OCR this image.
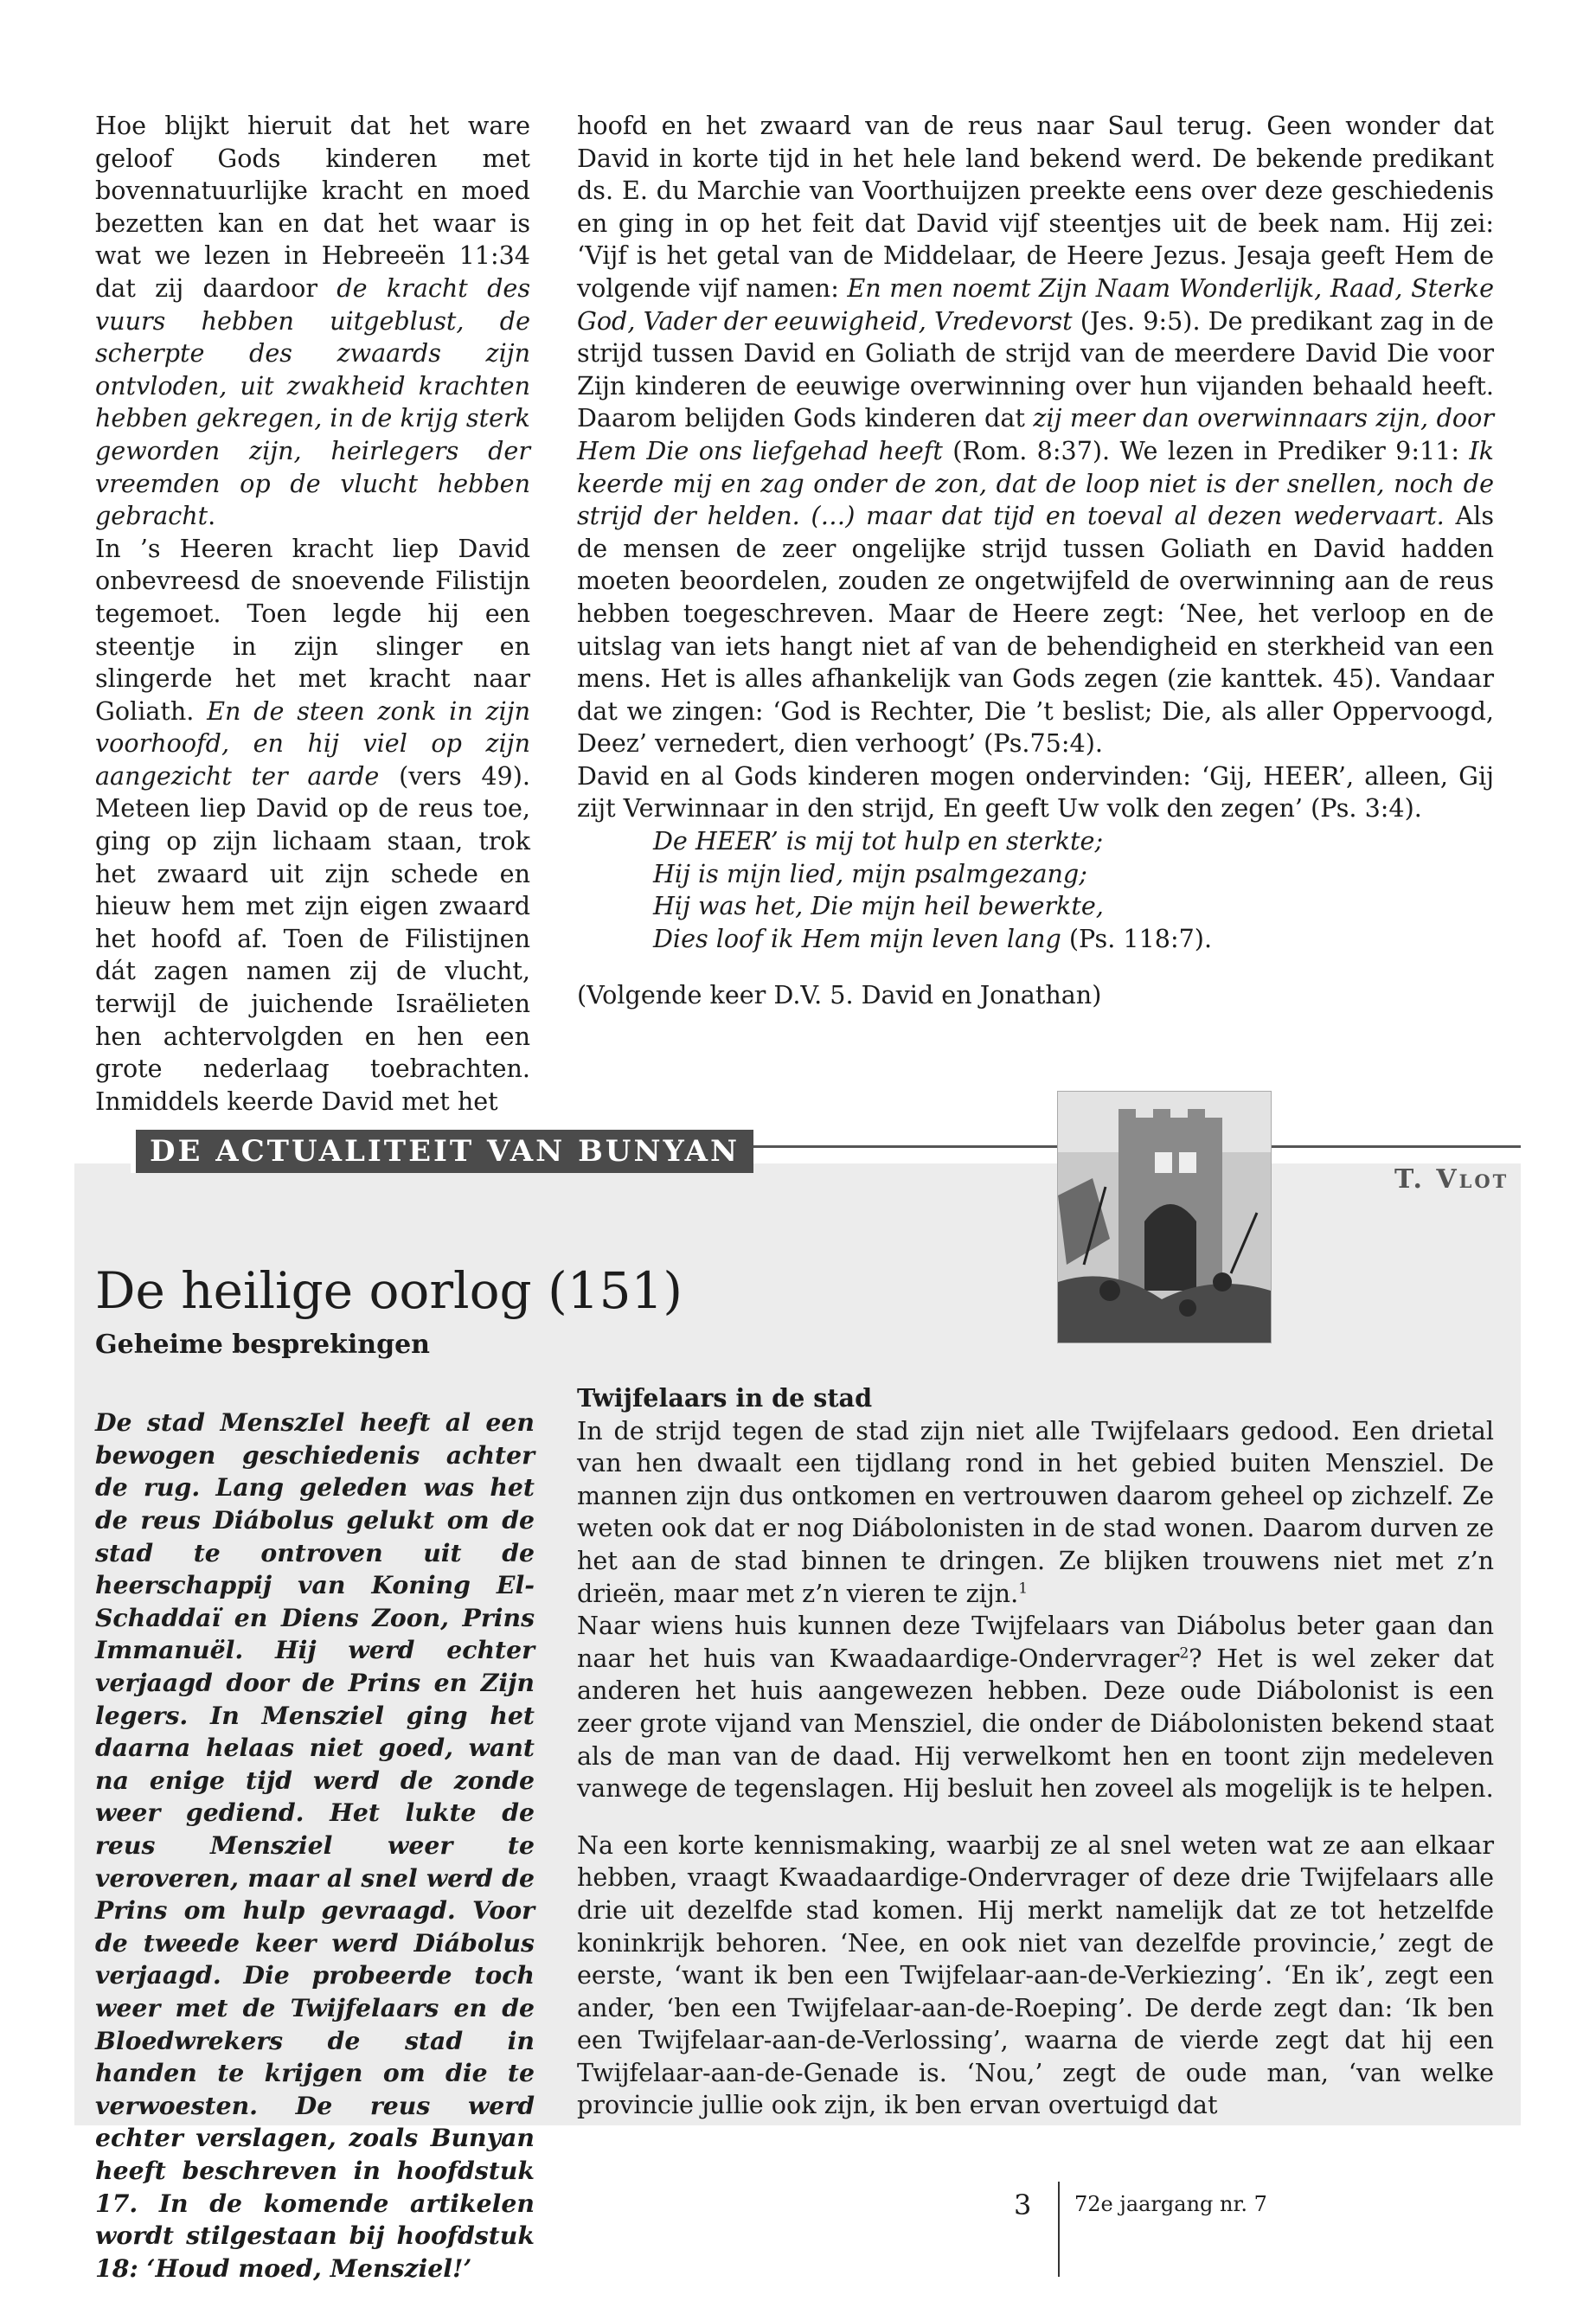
Hoe blijkt hieruit dat het ware geloof Gods kinderen met bovennatuurlijke kracht en moed bezetten kan en dat het waar is wat we lezen in Hebreeën 11:34 dat zij daardoor de kracht des vuurs hebben uitgeblust, de scherpte des zwaards zijn ontvloden, uit zwakheid krachten hebben gekregen, in de krijg sterk geworden zijn, heirlegers der vreemden op de vlucht hebben gebracht.

In ’s Heeren kracht liep David onbevreesd de snoevende Filistijn tegemoet. Toen legde hij een steentje in zijn slinger en slingerde het met kracht naar Goliath. En de steen zonk in zijn voorhoofd, en hij viel op zijn aangezicht ter aarde (vers 49). Meteen liep David op de reus toe, ging op zijn lichaam staan, trok het zwaard uit zijn schede en hieuw hem met zijn eigen zwaard het hoofd af. Toen de Filistijnen dát zagen namen zij de vlucht, terwijl de juichende Israëlieten hen achtervolgden en hen een grote nederlaag toebrachten. Inmiddels keerde David met het

hoofd en het zwaard van de reus naar Saul terug. Geen wonder dat David in korte tijd in het hele land bekend werd. De bekende predikant ds. E. du Marchie van Voorthuijzen preekte eens over deze geschiedenis en ging in op het feit dat David vijf steentjes uit de beek nam. Hij zei: ‘Vijf is het getal van de Middelaar, de Heere Jezus. Jesaja geeft Hem de volgende vijf namen: En men noemt Zijn Naam Wonderlijk, Raad, Sterke God, Vader der eeuwigheid, Vredevorst (Jes. 9:5). De predikant zag in de strijd tussen David en Goliath de strijd van de meerdere David Die voor Zijn kinderen de eeuwige overwinning over hun vijanden behaald heeft. Daarom belijden Gods kinderen dat zij meer dan overwinnaars zijn, door Hem Die ons liefgehad heeft (Rom. 8:37). We lezen in Prediker 9:11: Ik keerde mij en zag onder de zon, dat de loop niet is der snellen, noch de strijd der helden. (…) maar dat tijd en toeval al dezen wedervaart. Als de mensen de zeer ongelijke strijd tussen Goliath en David hadden moeten beoordelen, zouden ze ongetwijfeld de overwinning aan de reus hebben toegeschreven. Maar de Heere zegt: ‘Nee, het verloop en de uitslag van iets hangt niet af van de behendigheid en sterkheid van een mens. Het is alles afhankelijk van Gods zegen (zie kanttek. 45). Vandaar dat we zingen: ‘God is Rechter, Die ’t beslist; Die, als aller Oppervoogd, Deez’ vernedert, dien verhoogt’ (Ps.75:4).

David en al Gods kinderen mogen ondervinden: ‘Gij, HEER’, alleen, Gij zijt Verwinnaar in den strijd, En geeft Uw volk den zegen’ (Ps. 3:4).

De HEER’ is mij tot hulp en sterkte;
Hij is mijn lied, mijn psalmgezang;
Hij was het, Die mijn heil bewerkte,
Dies loof ik Hem mijn leven lang (Ps. 118:7).

(Volgende keer D.V. 5. David en Jonathan)

DE ACTUALITEIT VAN BUNYAN
T. Vlot
De heilige oorlog (151)
Geheime besprekingen

De stad MenszIel heeft al een bewogen geschiedenis achter de rug. Lang geleden was het de reus Diábolus gelukt om de stad te ontroven uit de heerschappij van Koning El-Schaddaï en Diens Zoon, Prins Immanuël. Hij werd echter verjaagd door de Prins en Zijn legers. In Mensziel ging het daarna helaas niet goed, want na enige tijd werd de zonde weer gediend. Het lukte de reus Mensziel weer te veroveren, maar al snel werd de Prins om hulp gevraagd. Voor de tweede keer werd Diábolus verjaagd. Die probeerde toch weer met de Twijfelaars en de Bloedwrekers de stad in handen te krijgen om die te verwoesten. De reus werd echter verslagen, zoals Bunyan heeft beschreven in hoofdstuk 17. In de komende artikelen wordt stilgestaan bij hoofdstuk 18: ‘Houd moed, Mensziel!’

Twijfelaars in de stad

In de strijd tegen de stad zijn niet alle Twijfelaars gedood. Een drietal van hen dwaalt een tijdlang rond in het gebied buiten Mensziel. De mannen zijn dus ontkomen en vertrouwen daarom geheel op zichzelf. Ze weten ook dat er nog Diábolonisten in de stad wonen. Daarom durven ze het aan de stad binnen te dringen. Ze blijken trouwens niet met z’n drieën, maar met z’n vieren te zijn.$^1$

Naar wiens huis kunnen deze Twijfelaars van Diábolus beter gaan dan naar het huis van Kwaadaardige-Ondervrager$^2$? Het is wel zeker dat anderen het huis aangewezen hebben. Deze oude Diábolonist is een zeer grote vijand van Mensziel, die onder de Diábolonisten bekend staat als de man van de daad. Hij verwelkomt hen en toont zijn medeleven vanwege de tegenslagen. Hij besluit hen zoveel als mogelijk is te helpen.

Na een korte kennismaking, waarbij ze al snel weten wat ze aan elkaar hebben, vraagt Kwaadaardige-Ondervrager of deze drie Twijfelaars alle drie uit dezelfde stad komen. Hij merkt namelijk dat ze tot hetzelfde koninkrijk behoren. ‘Nee, en ook niet van dezelfde provincie,’ zegt de eerste, ‘want ik ben een Twijfelaar-aan-de-Verkiezing’. ‘En ik’, zegt een ander, ‘ben een Twijfelaar-aan-de-Roeping’. De derde zegt dan: ‘Ik ben een Twijfelaar-aan-de-Verlossing’, waarna de vierde zegt dat hij een Twijfelaar-aan-de-Genade is. ‘Nou,’ zegt de oude man, ‘van welke provincie jullie ook zijn, ik ben ervan overtuigd dat

3 72e jaargang nr. 7
